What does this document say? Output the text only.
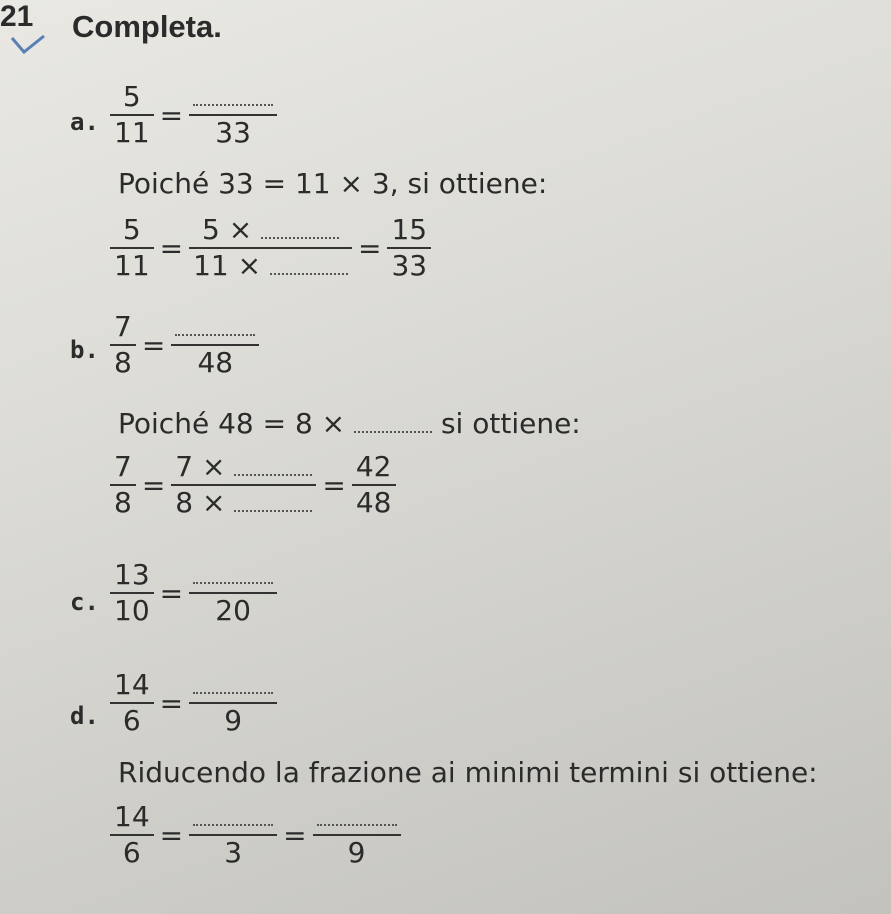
21 Completa.
a. $\frac{5}{11}$ =
33
Poiché 33 = 11 × 3, si ottiene:
$\frac{5}{11} = \frac{5 \times}{11 \times} = \frac{15}{33}$
b. $\frac{7}{8}$ =
48
Poiché 48 = 8 ×	si ottiene:
$\frac{7}{8} = \frac{7 \times}{8 \times} = \frac{42}{48}$
c. $\frac{13}{10}$ =
20
d. $\frac{14}{6}$ =
9
Riducendo la frazione ai minimi termini si ottiene:
$\frac{14}{6}$ =
3
=
9
